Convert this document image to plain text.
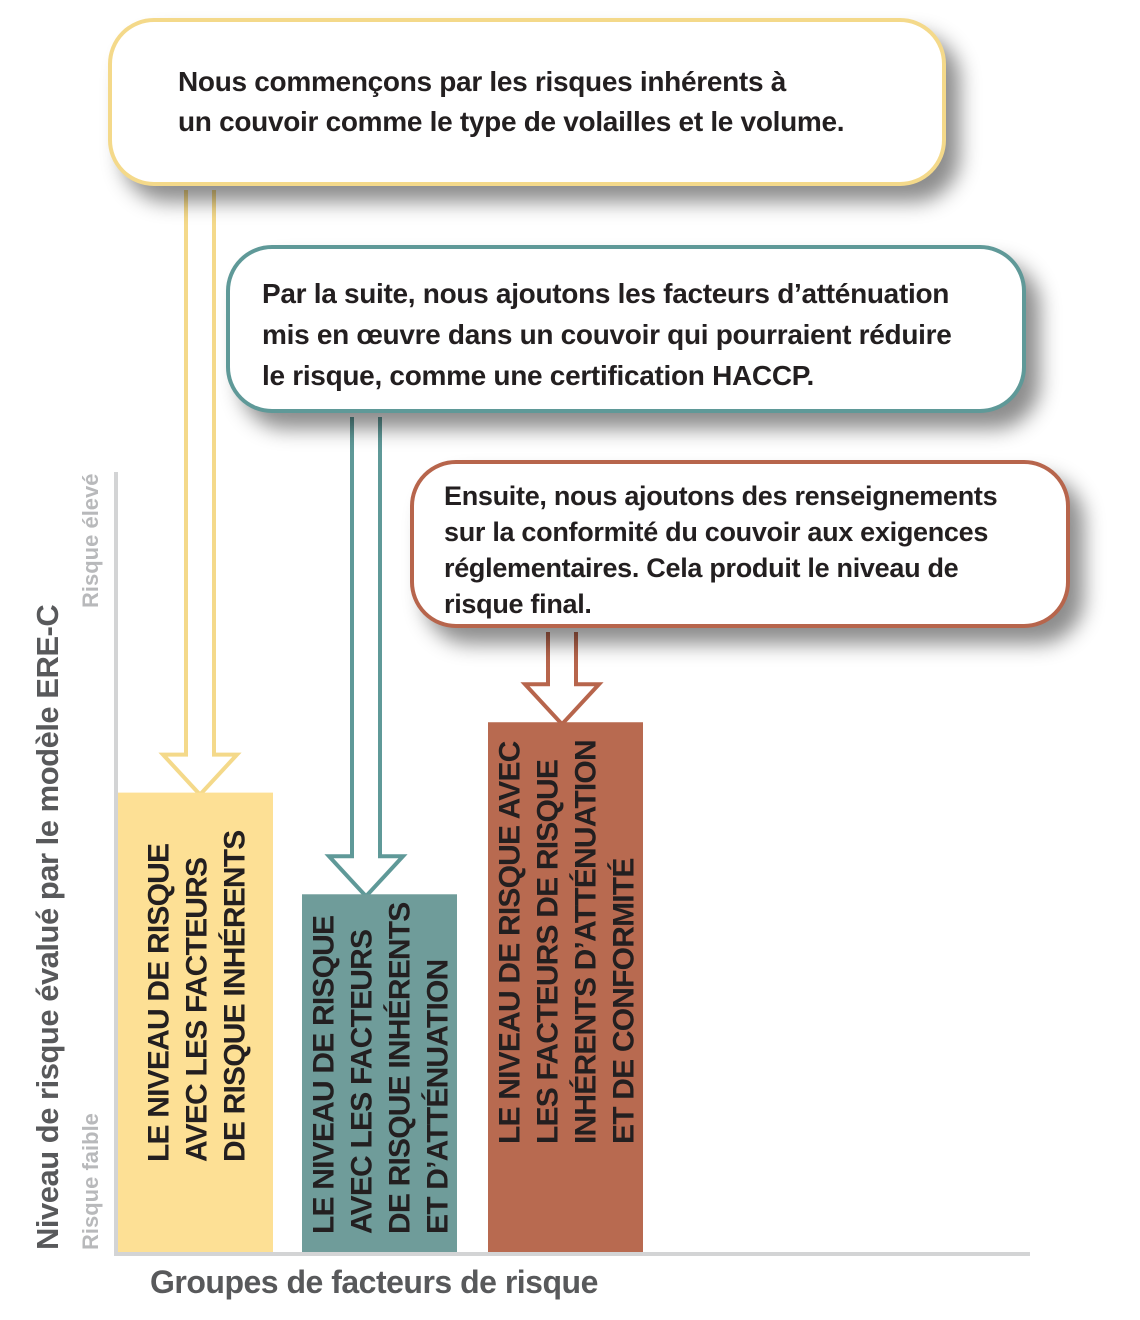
LE NIVEAU DE RISQUE AVEC LES FACTEURS DE RISQUE INHÉRENTS LE NIVEAU DE RISQUE AVEC LES FACTEURS DE RISQUE INHÉRENTS ET D’ATTÉNUATION LE NIVEAU DE RISQUE AVEC LES FACTEURS DE RISQUE INHÉRENTS D’ATTÉNUATION ET DE CONFORMITÉ
Nous commençons par les risques inhérents à
un couvoir comme le type de volailles et le volume.
Par la suite, nous ajoutons les facteurs d’atténuation
mis en œuvre dans un couvoir qui pourraient réduire
le risque, comme une certification HACCP.
Ensuite, nous ajoutons des renseignements
sur la conformité du couvoir aux exigences
réglementaires. Cela produit le niveau de
risque final.
Niveau de risque évalué par le modèle ERE-C
Risque élevé
Risque faible
Groupes de facteurs de risque
